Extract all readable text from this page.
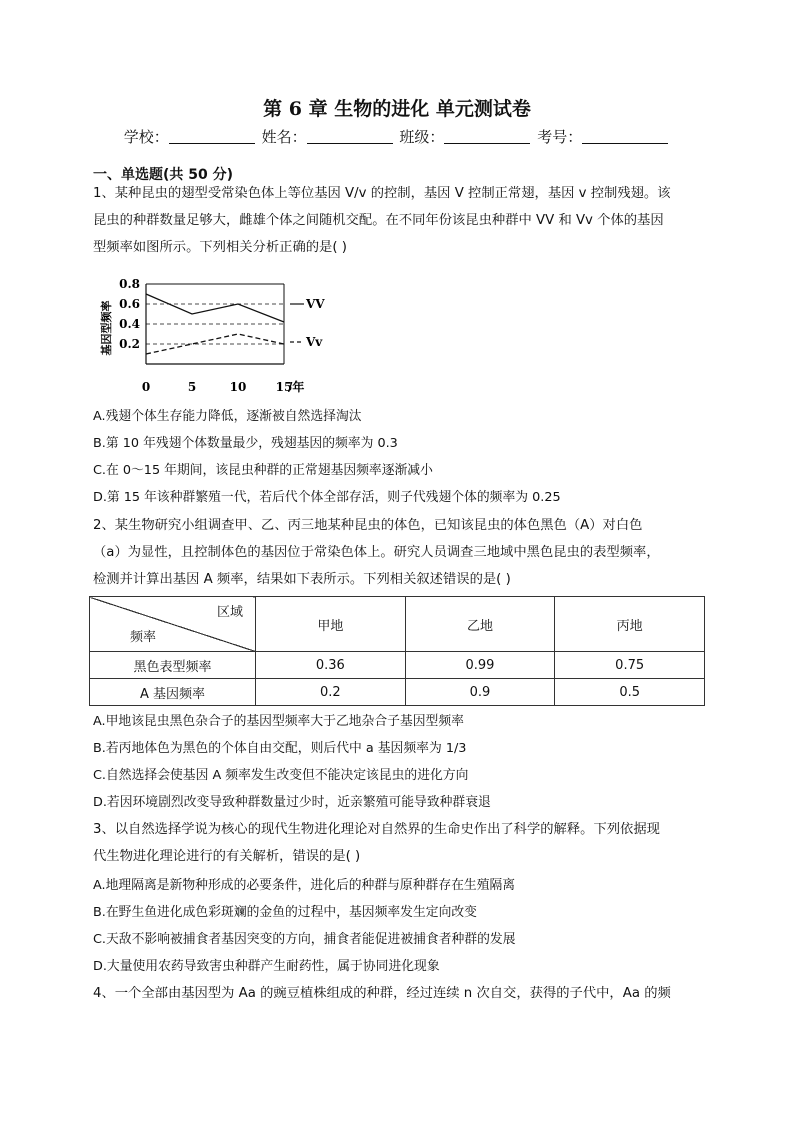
第 6 章 生物的进化 单元测试卷
学校：	姓名：	班级：	考号：
一、单选题(共 50 分)
1、某种昆虫的翅型受常染色体上等位基因 V/v 的控制，基因 V 控制正常翅，基因 v 控制残翅。该
昆虫的种群数量足够大，雌雄个体之间随机交配。在不同年份该昆虫种群中 VV 和 Vv 个体的基因
型频率如图所示。下列相关分析正确的是( )
基因型频率 0.2
0.4
0.6
0.8
0	5	10 15
/年
VV
Vv
A.残翅个体生存能力降低，逐渐被自然选择淘汰
B.第 10 年残翅个体数量最少，残翅基因的频率为 0.3
C.在 0～15 年期间，该昆虫种群的正常翅基因频率逐渐减小
D.第 15 年该种群繁殖一代，若后代个体全部存活，则子代残翅个体的频率为 0.25
2、某生物研究小组调查甲、乙、丙三地某种昆虫的体色，已知该昆虫的体色黑色（A）对白色
（a）为显性，且控制体色的基因位于常染色体上。研究人员调查三地域中黑色昆虫的表型频率，
检测并计算出基因 A 频率，结果如下表所示。下列相关叙述错误的是( )
区域
频率	甲地	乙地	丙地
黑色表型频率	0.36	0.99	0.75
A 基因频率	0.2	0.9	0.5
A.甲地该昆虫黑色杂合子的基因型频率大于乙地杂合子基因型频率
B.若丙地体色为黑色的个体自由交配，则后代中 a 基因频率为 1/3
C.自然选择会使基因 A 频率发生改变但不能决定该昆虫的进化方向
D.若因环境剧烈改变导致种群数量过少时，近亲繁殖可能导致种群衰退
3、以自然选择学说为核心的现代生物进化理论对自然界的生命史作出了科学的解释。下列依据现
代生物进化理论进行的有关解析，错误的是( )
A.地理隔离是新物种形成的必要条件，进化后的种群与原种群存在生殖隔离
B.在野生鱼进化成色彩斑斓的金鱼的过程中，基因频率发生定向改变
C.天敌不影响被捕食者基因突变的方向，捕食者能促进被捕食者种群的发展
D.大量使用农药导致害虫种群产生耐药性，属于协同进化现象
4、一个全部由基因型为 Aa 的豌豆植株组成的种群，经过连续 n 次自交，获得的子代中，Aa 的频
